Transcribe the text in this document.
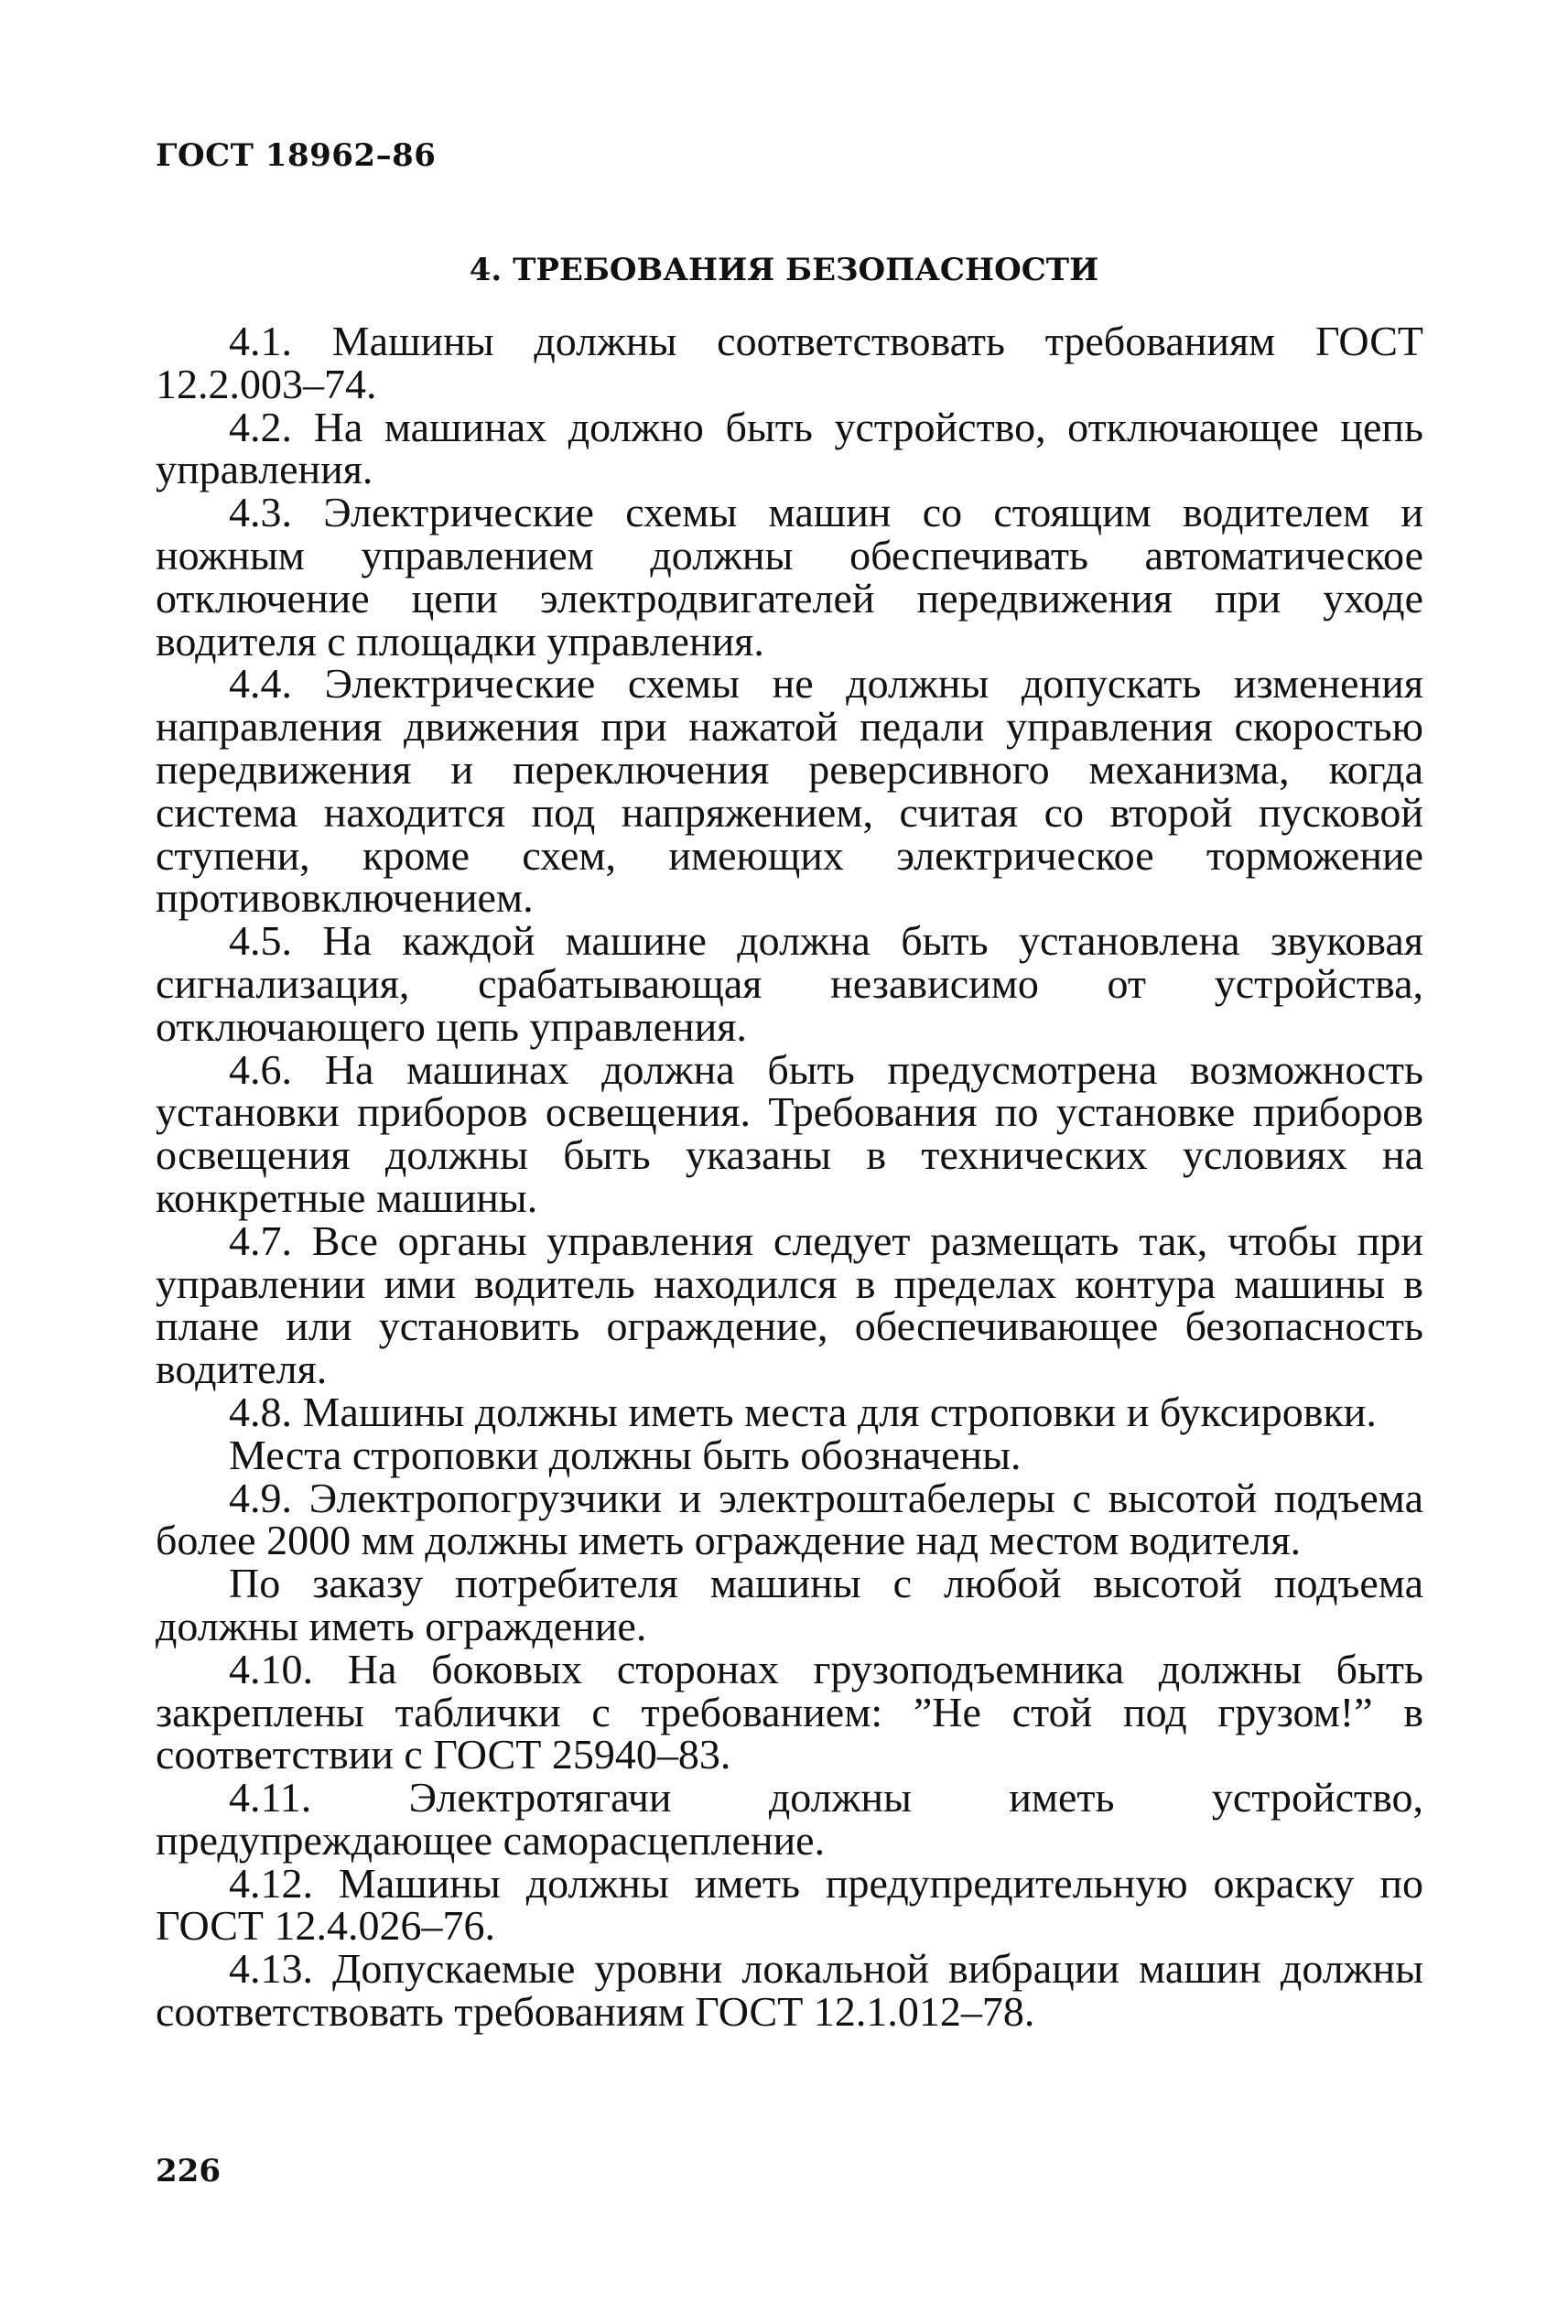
ГОСТ 18962–86
4. ТРЕБОВАНИЯ БЕЗОПАСНОСТИ

4.1. Машины должны соответствовать требованиям ГОСТ 12.2.003–74.

4.2. На машинах должно быть устройство, отключающее цепь управления.

4.3. Электрические схемы машин со стоящим водителем и ножным управлением должны обеспечивать автоматическое отключение цепи электродвигателей передвижения при уходе водителя с площадки управления.

4.4. Электрические схемы не должны допускать изменения направления движения при нажатой педали управления скоростью передвижения и переключения реверсивного механизма, когда система находится под напряжением, считая со второй пусковой ступени, кроме схем, имеющих электрическое торможение противовключением.

4.5. На каждой машине должна быть установлена звуковая сигнализация, срабатывающая независимо от устройства, отключающего цепь управления.

4.6. На машинах должна быть предусмотрена возможность установки приборов освещения. Требования по установке приборов освещения должны быть указаны в технических условиях на конкретные машины.

4.7. Все органы управления следует размещать так, чтобы при управлении ими водитель находился в пределах контура машины в плане или установить ограждение, обеспечивающее безопасность водителя.

4.8. Машины должны иметь места для строповки и буксировки.

Места строповки должны быть обозначены.

4.9. Электропогрузчики и электроштабелеры с высотой подъема более 2000 мм должны иметь ограждение над местом водителя.

По заказу потребителя машины с любой высотой подъема должны иметь ограждение.

4.10. На боковых сторонах грузоподъемника должны быть закреплены таблички с требованием: ”Не стой под грузом!” в соответствии с ГОСТ 25940–83.

4.11. Электротягачи должны иметь устройство, предупреждающее саморасцепление.

4.12. Машины должны иметь предупредительную окраску по ГОСТ 12.4.026–76.

4.13. Допускаемые уровни локальной вибрации машин должны соответствовать требованиям ГОСТ 12.1.012–78.

226
